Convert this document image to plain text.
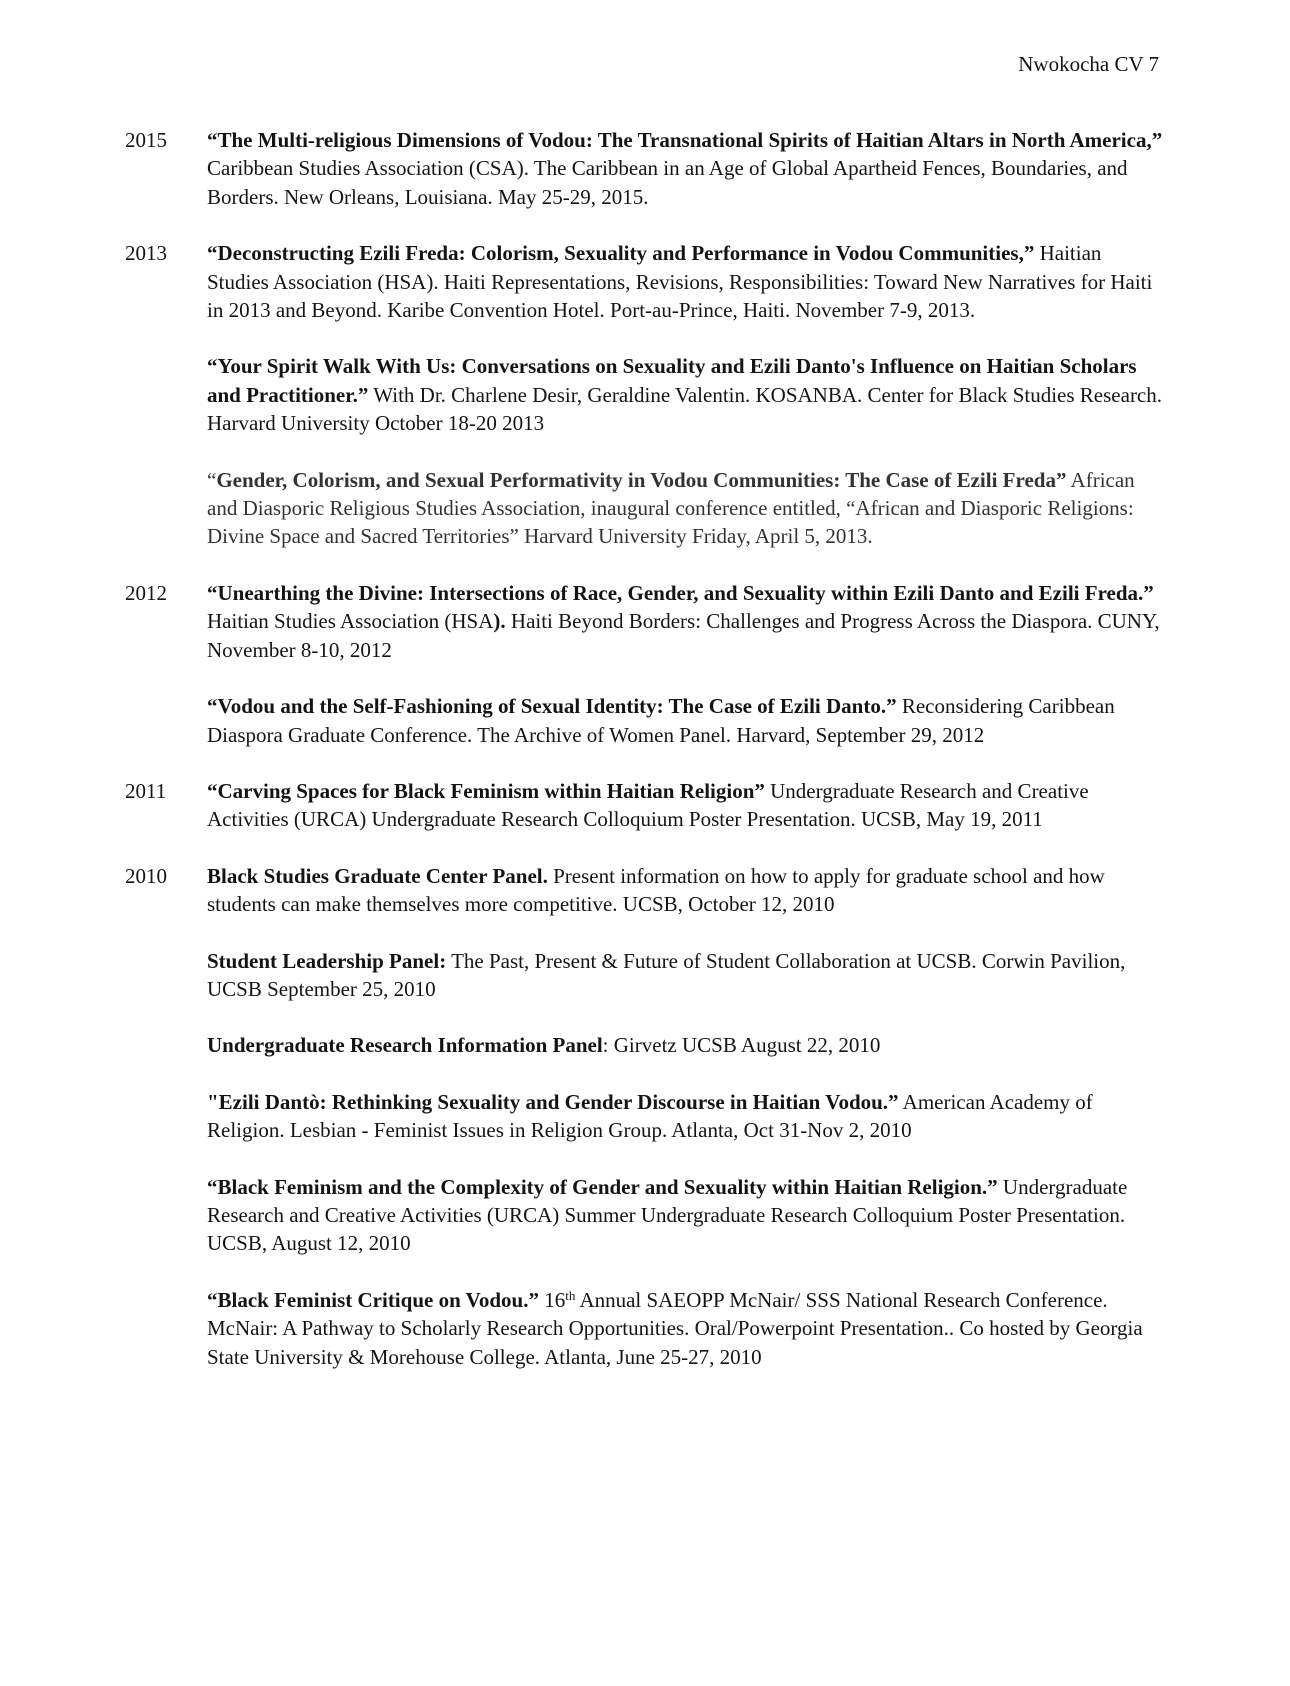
Nwokocha CV 7
2015	“The Multi-religious Dimensions of Vodou: The Transnational Spirits of Haitian Altars in North America,” Caribbean Studies Association (CSA). The Caribbean in an Age of Global Apartheid Fences, Boundaries, and Borders. New Orleans, Louisiana. May 25-29, 2015.
2013	“Deconstructing Ezili Freda: Colorism, Sexuality and Performance in Vodou Communities,” Haitian Studies Association (HSA). Haiti Representations, Revisions, Responsibilities: Toward New Narratives for Haiti in 2013 and Beyond. Karibe Convention Hotel. Port-au-Prince, Haiti. November 7-9, 2013.
“Your Spirit Walk With Us: Conversations on Sexuality and Ezili Danto's Influence on Haitian Scholars and Practitioner.” With Dr. Charlene Desir, Geraldine Valentin. KOSANBA. Center for Black Studies Research. Harvard University October 18-20 2013
“Gender, Colorism, and Sexual Performativity in Vodou Communities: The Case of Ezili Freda” African and Diasporic Religious Studies Association, inaugural conference entitled, “African and Diasporic Religions: Divine Space and Sacred Territories” Harvard University Friday, April 5, 2013.
2012	“Unearthing the Divine: Intersections of Race, Gender, and Sexuality within Ezili Danto and Ezili Freda.” Haitian Studies Association (HSA). Haiti Beyond Borders: Challenges and Progress Across the Diaspora. CUNY, November 8-10, 2012
“Vodou and the Self-Fashioning of Sexual Identity: The Case of Ezili Danto.” Reconsidering Caribbean Diaspora Graduate Conference. The Archive of Women Panel. Harvard, September 29, 2012
2011	“Carving Spaces for Black Feminism within Haitian Religion” Undergraduate Research and Creative Activities (URCA) Undergraduate Research Colloquium Poster Presentation. UCSB, May 19, 2011
2010	Black Studies Graduate Center Panel. Present information on how to apply for graduate school and how students can make themselves more competitive. UCSB, October 12, 2010
Student Leadership Panel: The Past, Present & Future of Student Collaboration at UCSB. Corwin Pavilion, UCSB September 25, 2010
Undergraduate Research Information Panel: Girvetz UCSB August 22, 2010
"Ezili Dantò: Rethinking Sexuality and Gender Discourse in Haitian Vodou.” American Academy of Religion. Lesbian - Feminist Issues in Religion Group. Atlanta, Oct 31-Nov 2, 2010
“Black Feminism and the Complexity of Gender and Sexuality within Haitian Religion.” Undergraduate Research and Creative Activities (URCA) Summer Undergraduate Research Colloquium Poster Presentation. UCSB, August 12, 2010
“Black Feminist Critique on Vodou.” 16th Annual SAEOPP McNair/ SSS National Research Conference. McNair: A Pathway to Scholarly Research Opportunities. Oral/Powerpoint Presentation.. Co hosted by Georgia State University & Morehouse College. Atlanta, June 25-27, 2010
